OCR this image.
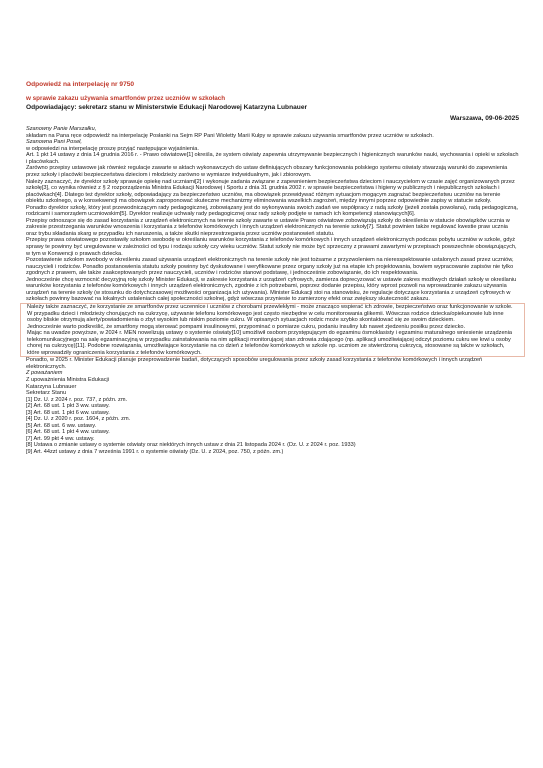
Odpowiedź na interpelację nr 9750
w sprawie zakazu używania smartfonów przez uczniów w szkołach
Odpowiadający: sekretarz stanu w Ministerstwie Edukacji Narodowej Katarzyna Lubnauer
Warszawa, 09-06-2025

Szanowny Panie Marszałku,

składam na Pana ręce odpowiedź na interpelację Posłanki na Sejm RP Pani Wioletty Marii Kułpy w sprawie zakazu używania smartfonów przez uczniów w szkołach.

Szanowna Pani Poseł,

w odpowiedzi na interpelację proszę przyjąć następujące wyjaśnienia.

Art. 1 pkt 14 ustawy z dnia 14 grudnia 2016 r. - Prawo oświatowe[1] określa, że system oświaty zapewnia utrzymywanie bezpiecznych i higienicznych warunków nauki, wychowania i opieki w szkołach i placówkach.

Zarówno przepisy ustawowe jak również regulacje zawarte w aktach wykonawczych do ustaw definiujących obszary funkcjonowania polskiego systemu oświaty stwarzają warunki do zapewnienia przez szkoły i placówki bezpieczeństwa dzieciom i młodzieży zarówno w wymiarze indywidualnym, jak i zbiorowym.

Należy zaznaczyć, że dyrektor szkoły sprawuje opiekę nad uczniami[2] i wykonuje zadania związane z zapewnieniem bezpieczeństwa dzieciom i nauczycielom w czasie zajęć organizowanych przez szkołę[3], co wynika również z § 2 rozporządzenia Ministra Edukacji Narodowej i Sportu z dnia 31 grudnia 2002 r. w sprawie bezpieczeństwa i higieny w publicznych i niepublicznych szkołach i placówkach[4]. Dlatego też dyrektor szkoły, odpowiadający za bezpieczeństwo uczniów, ma obowiązek przewidywać różnym sytuacjom mogącym zagrażać bezpieczeństwu uczniów na terenie obiektu szkolnego, a w konsekwencji ma obowiązek zaproponować skuteczne mechanizmy eliminowania wszelkich zagrożeń, między innymi poprzez odpowiednie zapisy w statucie szkoły.

Ponadto dyrektor szkoły, który jest przewodniczącym rady pedagogicznej, zobowiązany jest do wykonywania swoich zadań we współpracy z radą szkoły (jeżeli została powołana), radą pedagogiczną, rodzicami i samorządem uczniowskim[5]. Dyrektor realizuje uchwały rady pedagogicznej oraz rady szkoły podjęte w ramach ich kompetencji stanowiących[6].

Przepisy odnoszące się do zasad korzystania z urządzeń elektronicznych na terenie szkoły zawarte w ustawie Prawo oświatowe zobowiązują szkoły do określenia w statucie obowiązków ucznia w zakresie przestrzegania warunków wnoszenia i korzystania z telefonów komórkowych i innych urządzeń elektronicznych na terenie szkoły[7]. Statut powinien także regulować kwestie praw ucznia oraz trybu składania skarg w przypadku ich naruszenia, a także skutki nieprzestrzegania przez uczniów postanowień statutu.

Przepisy prawa oświatowego pozostawiły szkołom swobodę w określaniu warunków korzystania z telefonów komórkowych i innych urządzeń elektronicznych podczas pobytu uczniów w szkole, gdyż sprawy te powinny być uregulowane w zależności od typu i rodzaju szkoły czy wieku uczniów. Statut szkoły nie może być sprzeczny z prawami zawartymi w przepisach powszechnie obowiązujących, w tym w Konwencji o prawach dziecka.

Pozostawienie szkołom swobody w określeniu zasad używania urządzeń elektronicznych na terenie szkoły nie jest tożsame z przyzwoleniem na nieresspektowanie ustalonych zasad przez uczniów, nauczycieli i rodziców. Ponadto postanowienia statutu szkoły powinny być dyskutowane i weryfikowane przez organy szkoły już na etapie ich projektowania, bowiem wypracowanie zapisów nie tylko zgodnych z prawem, ale także zaakceptowanych przez nauczycieli, uczniów i rodziców stanowi podstawę, i jednocześnie zobowiązanie, do ich respektowania.

Jednocześnie chcę wzmocnić decyzyjną rolę szkoły Minister Edukacji, w zakresie korzystania z urządzeń cyfrowych, zamierza doprecyzować w ustawie zakres możliwych działań szkoły w określaniu warunków korzystania z telefonów komórkowych i innych urządzeń elektronicznych, zgodnie z ich potrzebami, poprzez dodanie przepisu, który wprost pozwoli na wprowadzanie zakazu używania urządzeń na terenie szkoły (w stosunku do dotychczasowej możliwości organizacja ich używania). Minister Edukacji stoi na stanowisku, że regulacje dotyczące korzystania z urządzeń cyfrowych w szkołach powinny bazować na lokalnych ustaleniach całej społeczności szkolnej, gdyż wówczas przyniesie to zamierzony efekt oraz zwiększy skuteczność zakazu.

Należy także zaznaczyć, że korzystanie ze smartfonów przez uczennice i uczniów z chorobami przewlekłymi - może znacząco wspierać ich zdrowie, bezpieczeństwo oraz funkcjonowanie w szkole. W przypadku dzieci i młodzieży chorujących na cukrzycę, używanie telefonu komórkowego jest często niezbędne w celu monitorowania glikemii. Wówczas rodzice dziecka/opiekunowie lub inne osoby bliskie otrzymują alerty/powiadomienia o zbyt wysokim lub niskim poziomie cukru. W opisanych sytuacjach rodzic może szybko skontaktować się ze swoim dzieckiem.

Jednocześnie warto podkreślić, że smartfony mogą sterować pompami insulinowymi, przypominać o pomiarze cukru, podaniu insuliny lub nawet zjedzeniu posiłku przez dziecko.

Mając na uwadze powyższe, w 2024 r. MEN nowelizują ustawy o systemie oświaty[10] umożliwił osobom przystępującym do egzaminu ósmoklasisty i egzaminu maturalnego wniesienie urządzenia telekomunikacyjnego na salę egzaminacyjną w przypadku zainstalowania na nim aplikacji monitorującej stan zdrowia zdającego (np. aplikacji umożliwiającej odczyt poziomu cukru we krwi u osoby chorej na cukrzycę)[11]. Podobne rozwiązania, umożliwiające korzystanie na co dzień z telefonów komórkowych w szkole np. uczniom ze stwierdzoną cukrzycą, stosowane są także w szkołach, które wprowadziły ograniczenia korzystania z telefonów komórkowych.

Ponadto, w 2025 r. Minister Edukacji planuje przeprowadzenie badań, dotyczących sposobów uregulowania przez szkoły zasad korzystania z telefonów komórkowych i innych urządzeń elektronicznych.

Z poważaniem

Z upoważnienia Ministra Edukacji

Katarzyna Lubnauer

Sekretarz Stanu

[1] Dz. U. z 2024 r. poz. 737, z późn. zm.

[2] Art. 68 ust. 1 pkt 3 ww. ustawy.

[3] Art. 68 ust. 1 pkt 6 ww. ustawy.

[4] Dz. U. z 2020 r. poz. 1604, z późn. zm.

[5] Art. 68 ust. 6 ww. ustawy.

[6] Art. 68 ust. 1 pkt 4 ww. ustawy.

[7] Art. 99 pkt 4 ww. ustawy.

[8] Ustawa o zmianie ustawy o systemie oświaty oraz niektórych innych ustaw z dnia 21 listopada 2024 r. (Dz. U. z 2024 r. poz. 1933)

[9] Art. 44zzt ustawy z dnia 7 września 1991 r. o systemie oświaty (Dz. U. z 2024, poz. 750, z późn. zm.)
